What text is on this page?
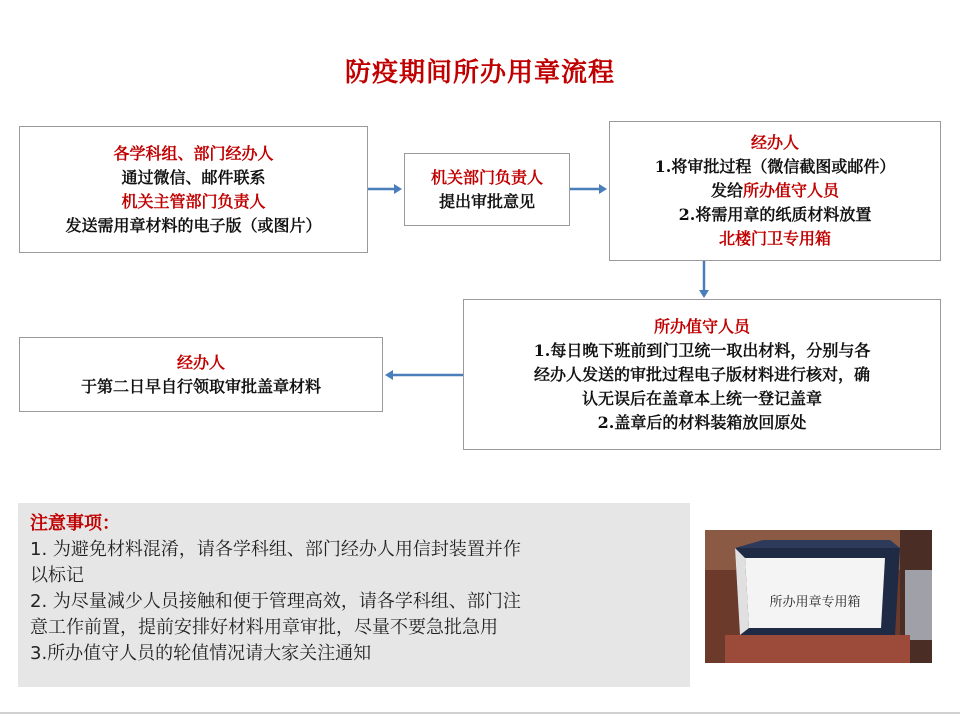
防疫期间所办用章流程
各学科组、部门经办人
通过微信、邮件联系
机关主管部门负责人
发送需用章材料的电子版（或图片）
机关部门负责人
提出审批意见
经办人
1.将审批过程（微信截图或邮件）
发给所办值守人员
2.将需用章的纸质材料放置
北楼门卫专用箱
所办值守人员
1.每日晚下班前到门卫统一取出材料，分别与各
经办人发送的审批过程电子版材料进行核对，确
认无误后在盖章本上统一登记盖章
2.盖章后的材料装箱放回原处
经办人
于第二日早自行领取审批盖章材料
注意事项：
1. 为避免材料混淆，请各学科组、部门经办人用信封装置并作
以标记
2. 为尽量减少人员接触和便于管理高效，请各学科组、部门注
意工作前置，提前安排好材料用章审批，尽量不要急批急用
3.所办值守人员的轮值情况请大家关注通知
所办用章专用箱
